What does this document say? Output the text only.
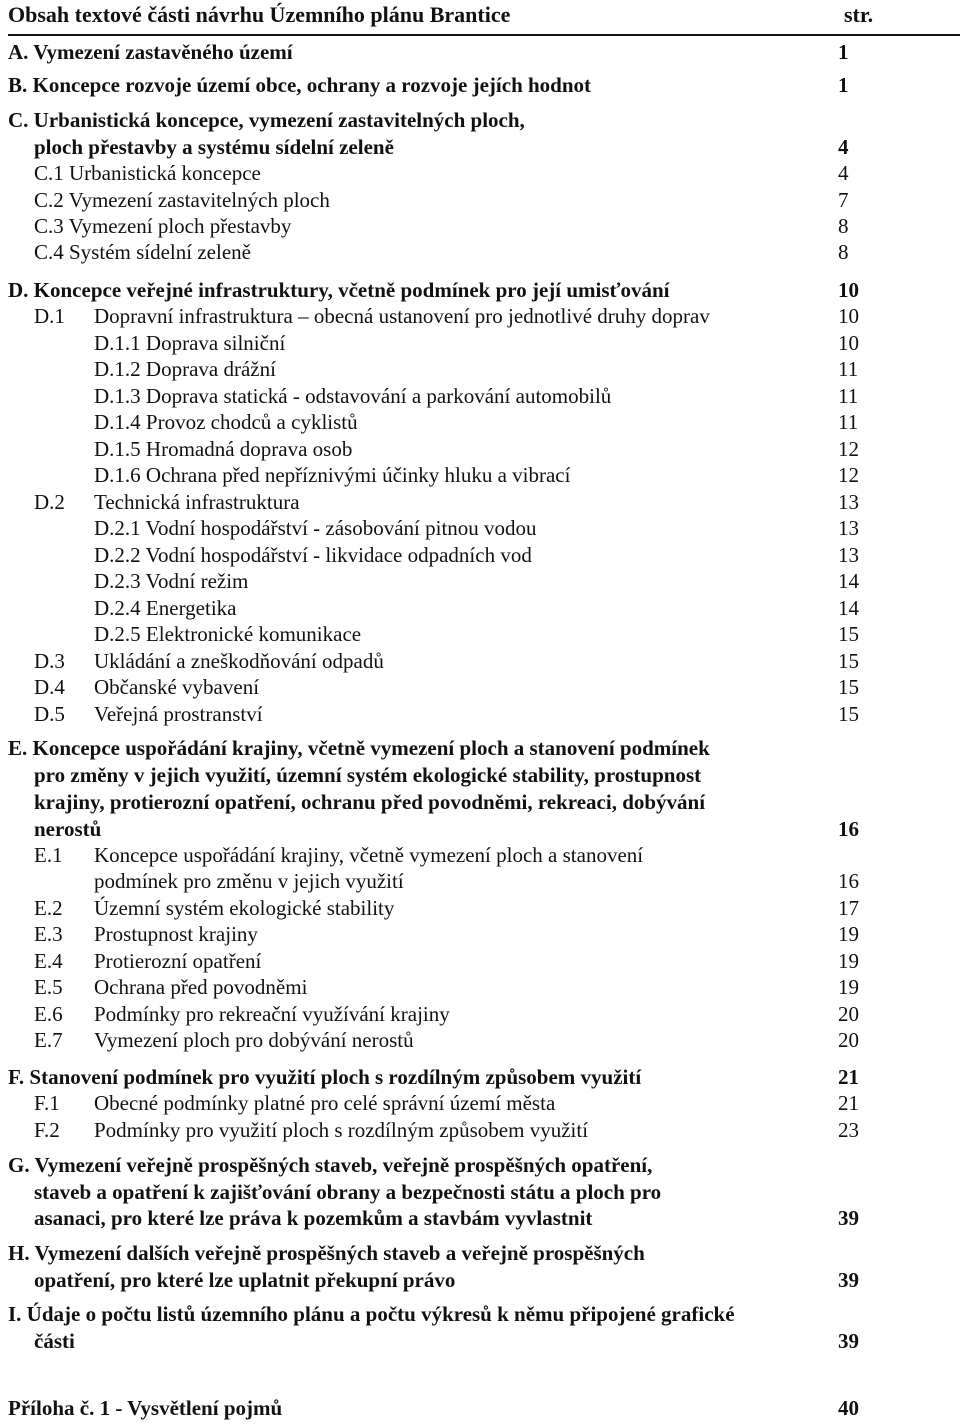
Obsah textové části návrhu Územního plánu Brantice	str.
A. Vymezení zastavěného území	1
B. Koncepce rozvoje území obce, ochrany a rozvoje jejích hodnot	1
C. Urbanistická koncepce, vymezení zastavitelných ploch,
ploch přestavby a systému sídelní zeleně	4
C.1 Urbanistická koncepce	4
C.2 Vymezení zastavitelných ploch	7
C.3 Vymezení ploch přestavby	8
C.4 Systém sídelní zeleně	8
D. Koncepce veřejné infrastruktury, včetně podmínek pro její umisťování	10
D.1 Dopravní infrastruktura – obecná ustanovení pro jednotlivé druhy doprav	10
D.1.1 Doprava silniční	10
D.1.2 Doprava drážní	11
D.1.3 Doprava statická - odstavování a parkování automobilů	11
D.1.4 Provoz chodců a cyklistů	11
D.1.5 Hromadná doprava osob	12
D.1.6 Ochrana před nepříznivými účinky hluku a vibrací	12
D.2 Technická infrastruktura	13
D.2.1 Vodní hospodářství - zásobování pitnou vodou	13
D.2.2 Vodní hospodářství - likvidace odpadních vod	13
D.2.3 Vodní režim	14
D.2.4 Energetika	14
D.2.5 Elektronické komunikace	15
D.3 Ukládání a zneškodňování odpadů	15
D.4 Občanské vybavení	15
D.5 Veřejná prostranství	15
E. Koncepce uspořádání krajiny, včetně vymezení ploch a stanovení podmínek
pro změny v jejich využití, územní systém ekologické stability, prostupnost
krajiny, protierozní opatření, ochranu před povodněmi, rekreaci, dobývání
nerostů	16
E.1 Koncepce uspořádání krajiny, včetně vymezení ploch a stanovení
podmínek pro změnu v jejich využití	16
E.2 Územní systém ekologické stability	17
E.3 Prostupnost krajiny	19
E.4 Protierozní opatření	19
E.5 Ochrana před povodněmi	19
E.6 Podmínky pro rekreační využívání krajiny	20
E.7 Vymezení ploch pro dobývání nerostů	20
F. Stanovení podmínek pro využití ploch s rozdílným způsobem využití	21
F.1 Obecné podmínky platné pro celé správní území města	21
F.2 Podmínky pro využití ploch s rozdílným způsobem využití	23
G. Vymezení veřejně prospěšných staveb, veřejně prospěšných opatření,
staveb a opatření k zajišťování obrany a bezpečnosti státu a ploch pro
asanaci, pro které lze práva k pozemkům a stavbám vyvlastnit	39
H. Vymezení dalších veřejně prospěšných staveb a veřejně prospěšných
opatření, pro které lze uplatnit překupní právo	39
I. Údaje o počtu listů územního plánu a počtu výkresů k němu připojené grafické
části	39
Příloha č. 1 - Vysvětlení pojmů	40
